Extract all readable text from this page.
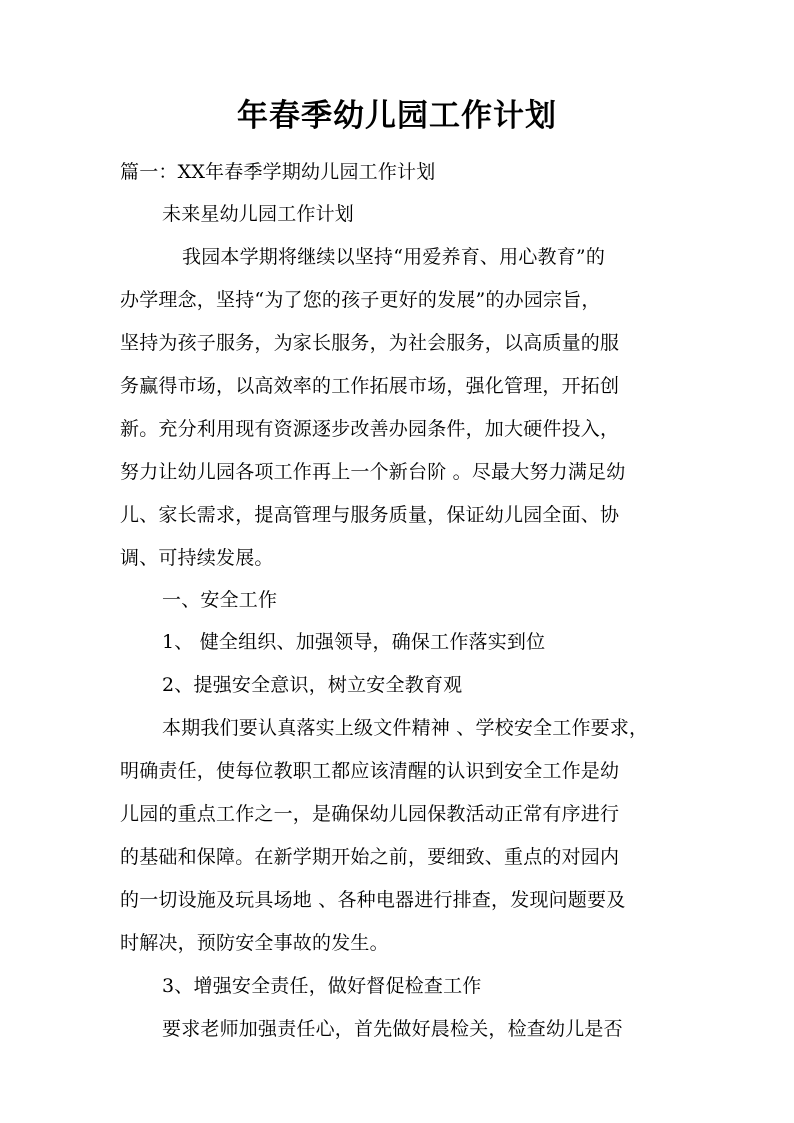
年春季幼儿园工作计划
篇一：XX年春季学期幼儿园工作计划
未来星幼儿园工作计划
我园本学期将继续以坚持“用爱养育、用心教育”的
办学理念，坚持“为了您的孩子更好的发展”的办园宗旨，
坚持为孩子服务，为家长服务，为社会服务，以高质量的服
务赢得市场，以高效率的工作拓展市场，强化管理，开拓创
新。充分利用现有资源逐步改善办园条件，加大硬件投入，
努力让幼儿园各项工作再上一个新台阶 。尽最大努力满足幼
儿、家长需求，提高管理与服务质量，保证幼儿园全面、协
调、可持续发展。
一、安全工作
1、 健全组织、加强领导，确保工作落实到位
2、提强安全意识，树立安全教育观
本期我们要认真落实上级文件精神 、学校安全工作要求，
明确责任，使每位教职工都应该清醒的认识到安全工作是幼
儿园的重点工作之一，是确保幼儿园保教活动正常有序进行
的基础和保障。在新学期开始之前，要细致、重点的对园内
的一切设施及玩具场地 、各种电器进行排查，发现问题要及
时解决，预防安全事故的发生。
3、增强安全责任，做好督促检查工作
要求老师加强责任心，首先做好晨检关，检查幼儿是否
